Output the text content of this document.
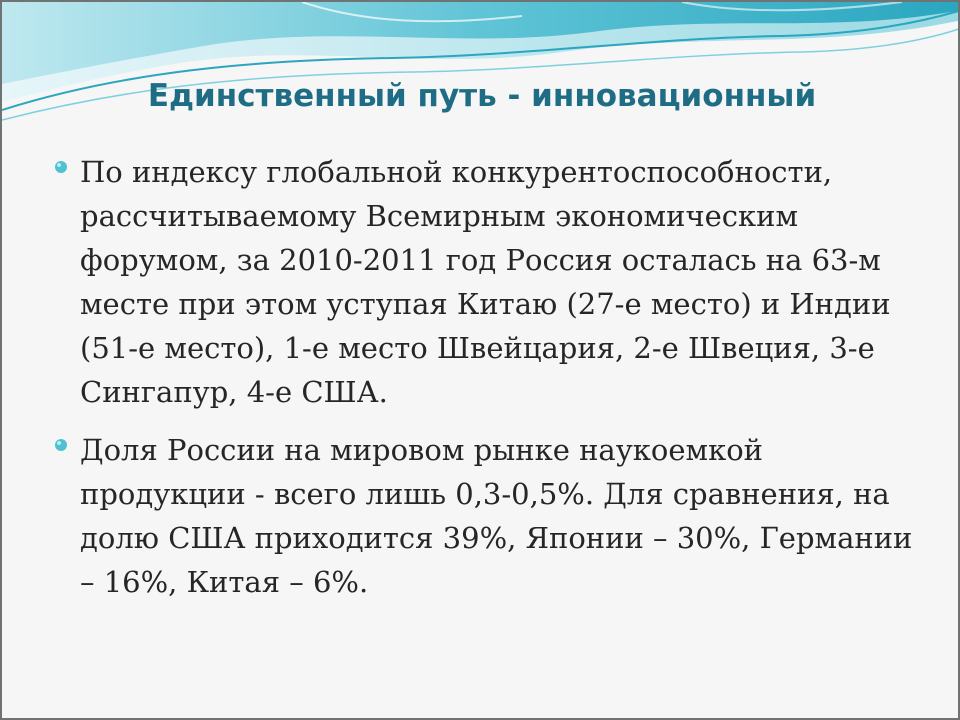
Единственный путь - инновационный
По индексу глобальной конкурентоспособности, рассчитываемому Всемирным экономическим форумом, за 2010-2011 год Россия осталась на 63-м месте при этом уступая Китаю (27-е место) и Индии (51-е место), 1-е место Швейцария, 2-е Швеция, 3-е Сингапур, 4-е США.
Доля России на мировом рынке наукоемкой продукции - всего лишь 0,3-0,5%. Для сравнения, на долю США приходится 39%, Японии – 30%, Германии – 16%, Китая – 6%.
